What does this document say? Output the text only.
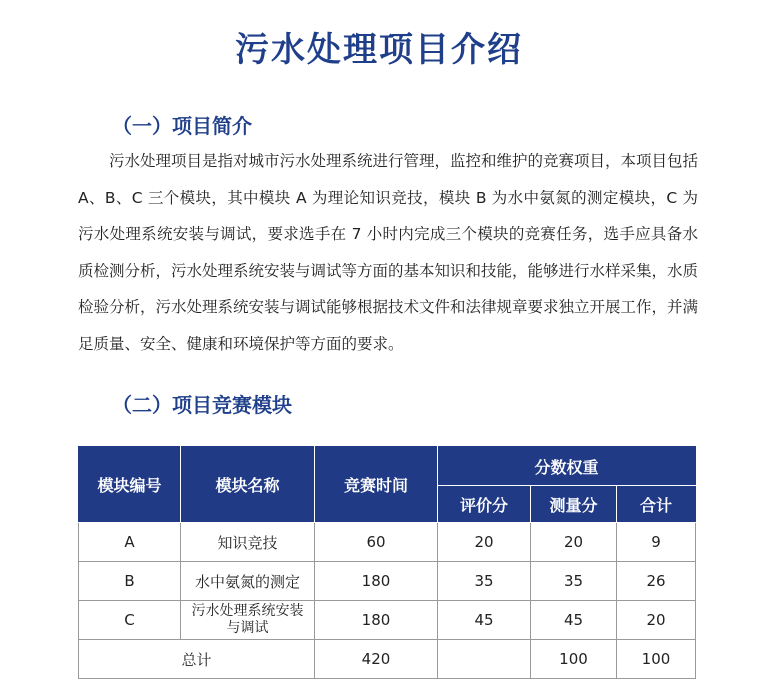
污水处理项目介绍
（一）项目简介

污水处理项目是指对城市污水处理系统进行管理，监控和维护的竞赛项目，本项目包括 A、B、C 三个模块，其中模块 A 为理论知识竞技，模块 B 为水中氨氮的测定模块，C 为污水处理系统安装与调试，要求选手在 7 小时内完成三个模块的竞赛任务，选手应具备水质检测分析，污水处理系统安装与调试等方面的基本知识和技能，能够进行水样采集，水质检验分析，污水处理系统安装与调试能够根据技术文件和法律规章要求独立开展工作，并满足质量、安全、健康和环境保护等方面的要求。

（二）项目竞赛模块
模块编号	模块名称	竞赛时间	分数权重		
			评价分	测量分	合计
A	知识竞技	60	20	20	9
B	水中氨氮的测定	180	35	35	26
C	污水处理系统安装
与调试	180	45	45	20
总计		420		100	100
